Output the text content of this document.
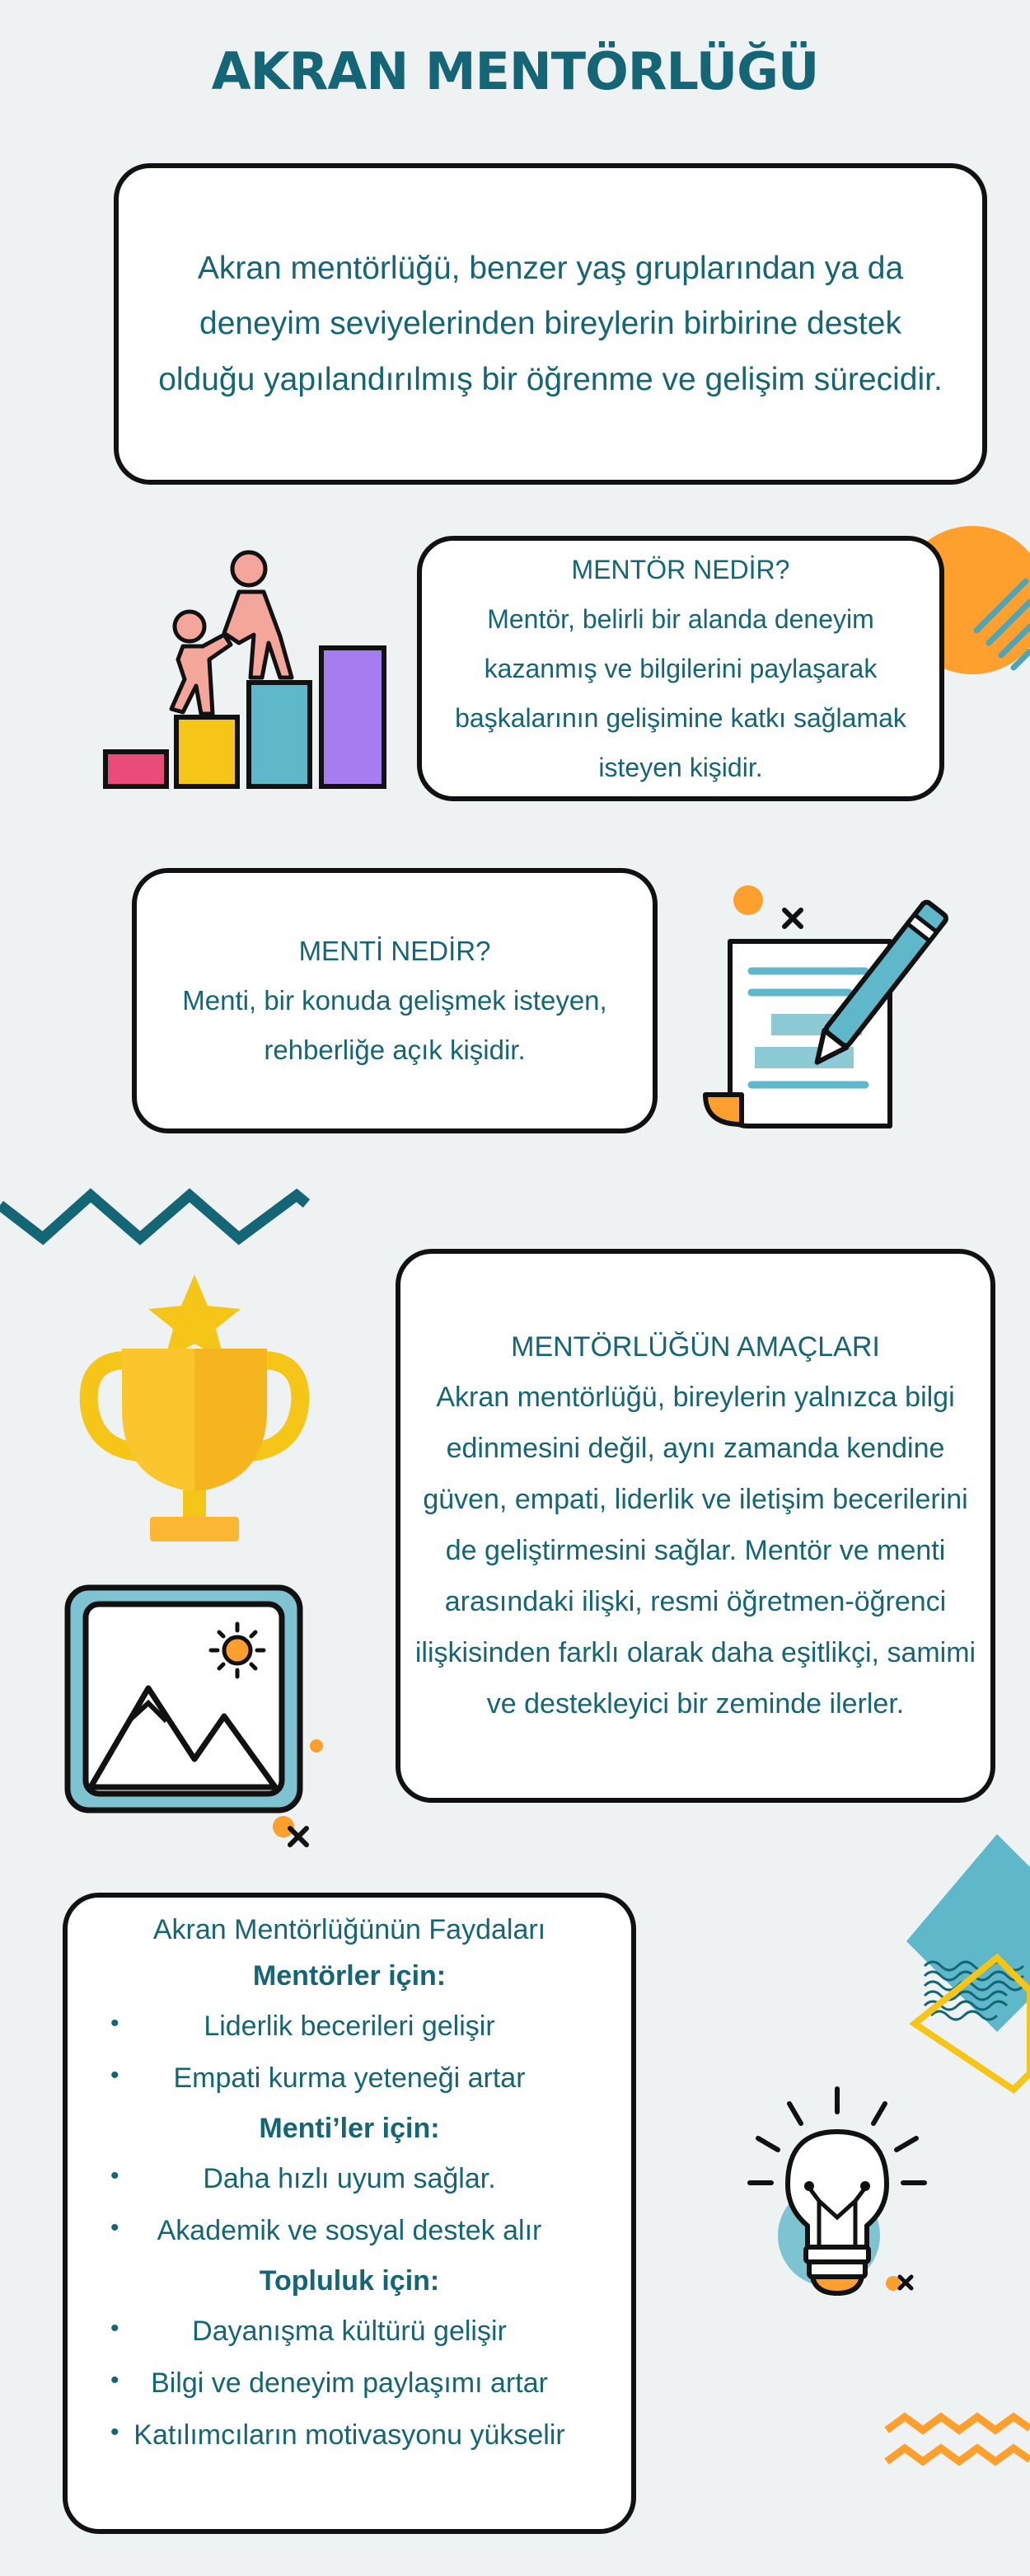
AKRAN MENTÖRLÜĞÜ

Akran mentörlüğü, benzer yaş gruplarından ya da deneyim seviyelerinden bireylerin birbirine destek olduğu yapılandırılmış bir öğrenme ve gelişim sürecidir.

MENTÖR NEDİR?

Mentör, belirli bir alanda deneyim kazanmış ve bilgilerini paylaşarak başkalarının gelişimine katkı sağlamak isteyen kişidir.

MENTİ NEDİR?

Menti, bir konuda gelişmek isteyen, rehberliğe açık kişidir.

MENTÖRLÜĞÜN AMAÇLARI

Akran mentörlüğü, bireylerin yalnızca bilgi edinmesini değil, aynı zamanda kendine güven, empati, liderlik ve iletişim becerilerini de geliştirmesini sağlar. Mentör ve menti arasındaki ilişki, resmi öğretmen-öğrenci ilişkisinden farklı olarak daha eşitlikçi, samimi ve destekleyici bir zeminde ilerler.

Akran Mentörlüğünün Faydaları
Mentörler için:
• Liderlik becerileri gelişir
• Empati kurma yeteneği artar
Menti’ler için:
• Daha hızlı uyum sağlar.
• Akademik ve sosyal destek alır
Topluluk için:
• Dayanışma kültürü gelişir
• Bilgi ve deneyim paylaşımı artar
• Katılımcıların motivasyonu yükselir
